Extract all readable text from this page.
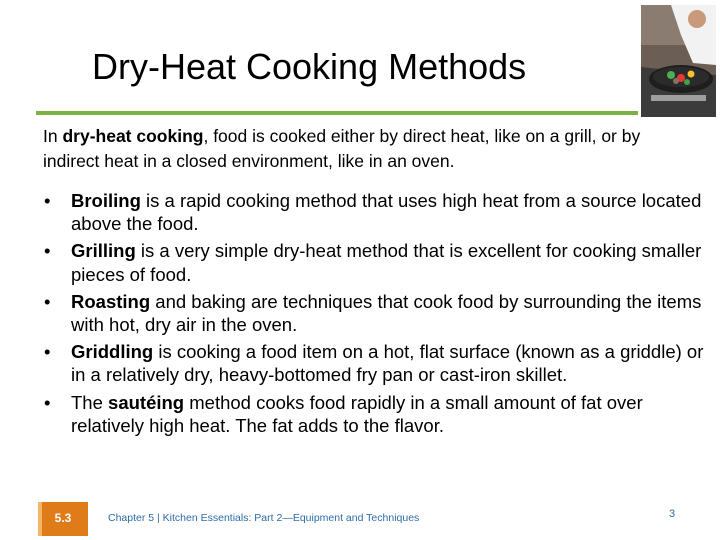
Dry-Heat Cooking Methods

In dry-heat cooking, food is cooked either by direct heat, like on a grill, or by indirect heat in a closed environment, like in an oven.

• Broiling is a rapid cooking method that uses high heat from a source located above the food.
• Grilling is a very simple dry-heat method that is excellent for cooking smaller pieces of food.
• Roasting and baking are techniques that cook food by surrounding the items with hot, dry air in the oven.
• Griddling is cooking a food item on a hot, flat surface (known as a griddle) or in a relatively dry, heavy-bottomed fry pan or cast-iron skillet.
• The sautéing method cooks food rapidly in a small amount of fat over relatively high heat. The fat adds to the flavor.
5.3	Chapter 5 | Kitchen Essentials: Part 2—Equipment and Techniques	3
